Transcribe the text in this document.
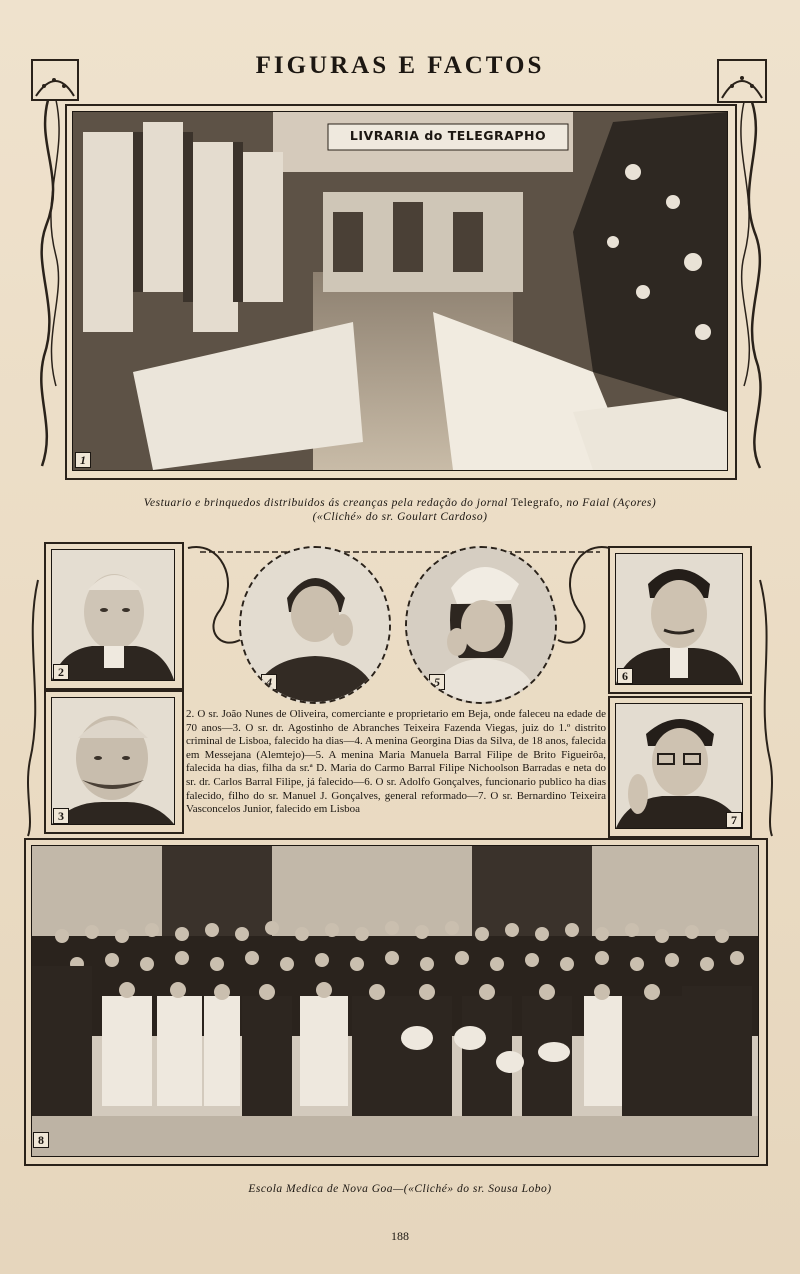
FIGURAS E FACTOS
LIVRARIA do TELEGRAPHO
1
Vestuario e brinquedos distribuidos ás creanças pela redação do jornal Telegrafo, no Faial (Açores)
(«Cliché» do sr. Goulart Cardoso)
2
3
4	5	6
7
2. O sr. João Nunes de Oliveira, comerciante e proprietario em Beja, onde faleceu na edade de 70 anos—3. O sr. dr. Agostinho de Abranches Teixeira Fazenda Viegas, juiz do 1.º distrito criminal de Lisboa, falecido ha dias—4. A menina Georgina Dias da Silva, de 18 anos, falecida em Messejana (Alemtejo)—5. A menina Maria Manuela Barral Filipe de Brito Figueirôa, falecida ha dias, filha da sr.ª D. Maria do Carmo Barral Filipe Nichoolson Barradas e neta do sr. dr. Carlos Barral Filipe, já falecido—6. O sr. Adolfo Gonçalves, funcionario publico ha dias falecido, filho do sr. Manuel J. Gonçalves, general reformado—7. O sr. Bernardino Teixeira Vasconcelos Junior, falecido em Lisboa
8
Escola Medica de Nova Goa—(«Cliché» do sr. Sousa Lobo)
188
